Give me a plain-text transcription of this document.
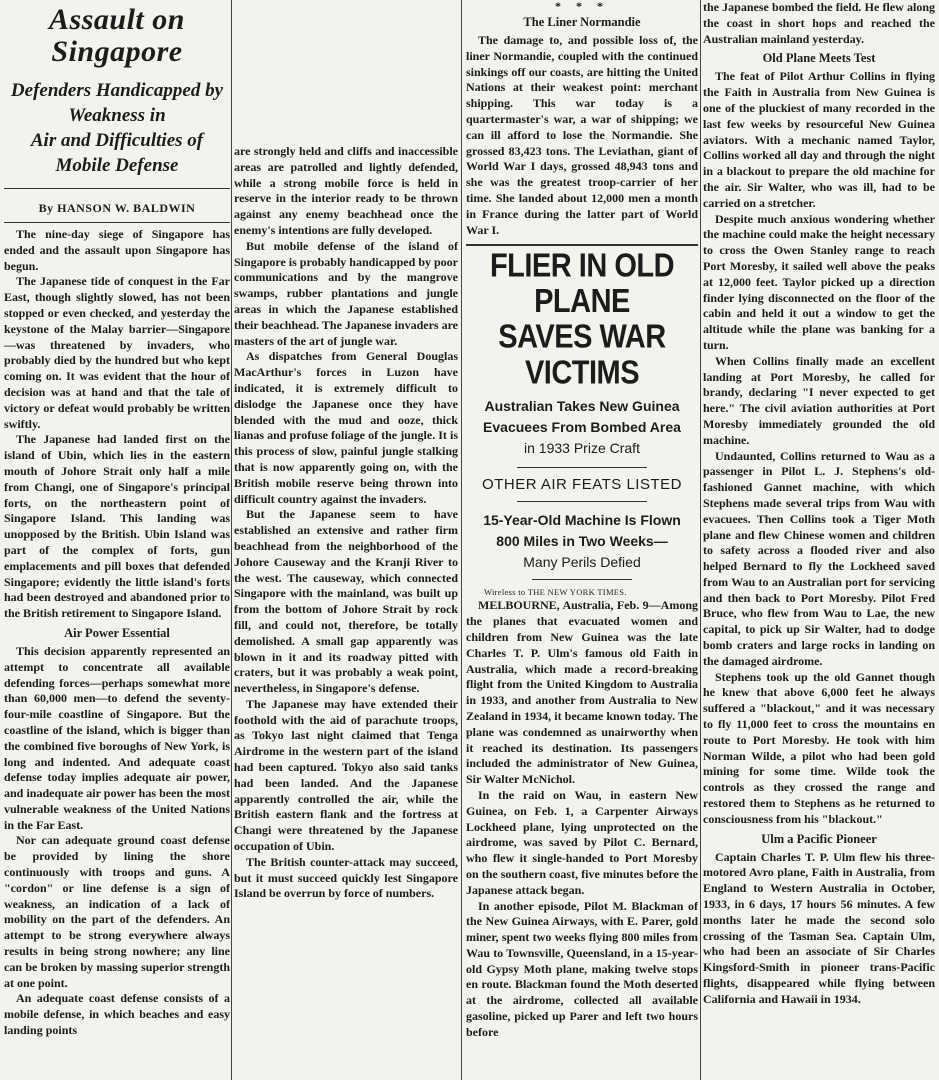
Assault on Singapore
Defenders Handicapped by Weakness in
Air and Difficulties of Mobile Defense
By HANSON W. BALDWIN

The nine-day siege of Singapore has ended and the assault upon Singapore has begun.

The Japanese tide of conquest in the Far East, though slightly slowed, has not been stopped or even checked, and yesterday the keystone of the Malay barrier—Singapore—was threatened by invaders, who probably died by the hundred but who kept coming on. It was evident that the hour of decision was at hand and that the tale of victory or defeat would probably be written swiftly.

The Japanese had landed first on the island of Ubin, which lies in the eastern mouth of Johore Strait only half a mile from Changi, one of Singapore's principal forts, on the northeastern point of Singapore Island. This landing was unopposed by the British. Ubin Island was part of the complex of forts, gun emplacements and pill boxes that defended Singapore; evidently the little island's forts had been destroyed and abandoned prior to the British retirement to Singapore Island.

Air Power Essential

This decision apparently represented an attempt to concentrate all available defending forces—perhaps somewhat more than 60,000 men—to defend the seventy-four-mile coastline of Singapore. But the coastline of the island, which is bigger than the combined five boroughs of New York, is long and indented. And adequate coast defense today implies adequate air power, and inadequate air power has been the most vulnerable weakness of the United Nations in the Far East.

Nor can adequate ground coast defense be provided by lining the shore continuously with troops and guns. A "cordon" or line defense is a sign of weakness, an indication of a lack of mobility on the part of the defenders. An attempt to be strong everywhere always results in being strong nowhere; any line can be broken by massing superior strength at one point.

An adequate coast defense consists of a mobile defense, in which beaches and easy landing points

are strongly held and cliffs and inaccessible areas are patrolled and lightly defended, while a strong mobile force is held in reserve in the interior ready to be thrown against any enemy beachhead once the enemy's intentions are fully developed.

But mobile defense of the island of Singapore is probably handicapped by poor communications and by the mangrove swamps, rubber plantations and jungle areas in which the Japanese established their beachhead. The Japanese invaders are masters of the art of jungle war.

As dispatches from General Douglas MacArthur's forces in Luzon have indicated, it is extremely difficult to dislodge the Japanese once they have blended with the mud and ooze, thick lianas and profuse foliage of the jungle. It is this process of slow, painful jungle stalking that is now apparently going on, with the British mobile reserve being thrown into difficult country against the invaders.

But the Japanese seem to have established an extensive and rather firm beachhead from the neighborhood of the Johore Causeway and the Kranji River to the west. The causeway, which connected Singapore with the mainland, was built up from the bottom of Johore Strait by rock fill, and could not, therefore, be totally demolished. A small gap apparently was blown in it and its roadway pitted with craters, but it was probably a weak point, nevertheless, in Singapore's defense.

The Japanese may have extended their foothold with the aid of parachute troops, as Tokyo last night claimed that Tenga Airdrome in the western part of the island had been captured. Tokyo also said tanks had been landed. And the Japanese apparently controlled the air, while the British eastern flank and the fortress at Changi were threatened by the Japanese occupation of Ubin.

The British counter-attack may succeed, but it must succeed quickly lest Singapore Island be overrun by force of numbers.

* * *
The Liner Normandie

The damage to, and possible loss of, the liner Normandie, coupled with the continued sinkings off our coasts, are hitting the United Nations at their weakest point: merchant shipping. This war today is a quartermaster's war, a war of shipping; we can ill afford to lose the Normandie. She grossed 83,423 tons. The Leviathan, giant of World War I days, grossed 48,943 tons and she was the greatest troop-carrier of her time. She landed about 12,000 men a month in France during the latter part of World War I.

FLIER IN OLD PLANE
SAVES WAR VICTIMS
Australian Takes New Guinea
Evacuees From Bombed Area
in 1933 Prize Craft
OTHER AIR FEATS LISTED
15-Year-Old Machine Is Flown
800 Miles in Two Weeks—
Many Perils Defied
Wireless to THE NEW YORK TIMES.

MELBOURNE, Australia, Feb. 9—Among the planes that evacuated women and children from New Guinea was the late Charles T. P. Ulm's famous old Faith in Australia, which made a record-breaking flight from the United Kingdom to Australia in 1933, and another from Australia to New Zealand in 1934, it became known today. The plane was condemned as unairworthy when it reached its destination. Its passengers included the administrator of New Guinea, Sir Walter McNichol.

In the raid on Wau, in eastern New Guinea, on Feb. 1, a Carpenter Airways Lockheed plane, lying unprotected on the airdrome, was saved by Pilot C. Bernard, who flew it single-handed to Port Moresby on the southern coast, five minutes before the Japanese attack began.

In another episode, Pilot M. Blackman of the New Guinea Airways, with E. Parer, gold miner, spent two weeks flying 800 miles from Wau to Townsville, Queensland, in a 15-year-old Gypsy Moth plane, making twelve stops en route. Blackman found the Moth deserted at the airdrome, collected all available gasoline, picked up Parer and left two hours before

the Japanese bombed the field. He flew along the coast in short hops and reached the Australian mainland yesterday.

Old Plane Meets Test

The feat of Pilot Arthur Collins in flying the Faith in Australia from New Guinea is one of the pluckiest of many recorded in the last few weeks by resourceful New Guinea aviators. With a mechanic named Taylor, Collins worked all day and through the night in a blackout to prepare the old machine for the air. Sir Walter, who was ill, had to be carried on a stretcher.

Despite much anxious wondering whether the machine could make the height necessary to cross the Owen Stanley range to reach Port Moresby, it sailed well above the peaks at 12,000 feet. Taylor picked up a direction finder lying disconnected on the floor of the cabin and held it out a window to get the altitude while the plane was banking for a turn.

When Collins finally made an excellent landing at Port Moresby, he called for brandy, declaring "I never expected to get here." The civil aviation authorities at Port Moresby immediately grounded the old machine.

Undaunted, Collins returned to Wau as a passenger in Pilot L. J. Stephens's old-fashioned Gannet machine, with which Stephens made several trips from Wau with evacuees. Then Collins took a Tiger Moth plane and flew Chinese women and children to safety across a flooded river and also helped Bernard to fly the Lockheed saved from Wau to an Australian port for servicing and then back to Port Moresby. Pilot Fred Bruce, who flew from Wau to Lae, the new capital, to pick up Sir Walter, had to dodge bomb craters and large rocks in landing on the damaged airdrome.

Stephens took up the old Gannet though he knew that above 6,000 feet he always suffered a "blackout," and it was necessary to fly 11,000 feet to cross the mountains en route to Port Moresby. He took with him Norman Wilde, a pilot who had been gold mining for some time. Wilde took the controls as they crossed the range and restored them to Stephens as he returned to consciousness from his "blackout."

Ulm a Pacific Pioneer

Captain Charles T. P. Ulm flew his three-motored Avro plane, Faith in Australia, from England to Western Australia in October, 1933, in 6 days, 17 hours 56 minutes. A few months later he made the second solo crossing of the Tasman Sea. Captain Ulm, who had been an associate of Sir Charles Kingsford-Smith in pioneer trans-Pacific flights, disappeared while flying between California and Hawaii in 1934.
